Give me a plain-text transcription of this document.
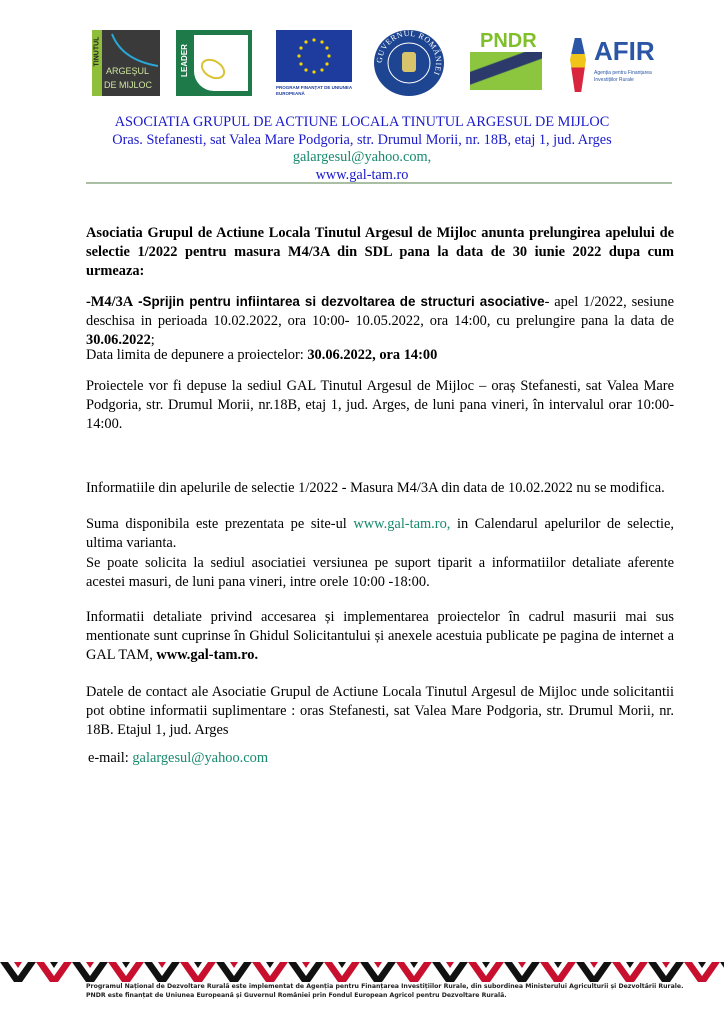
TINUTUL
ARGEŞUL
DE MIJLOC
LEADER
PROGRAM FINANȚAT DE UNIUNEA EUROPEANĂ
GUVERNUL ROMÂNIEI
PNDR AFIR
Agenția pentru Finanțarea Investițiilor Rurale
ASOCIATIA GRUPUL DE ACTIUNE LOCALA TINUTUL ARGESUL DE MIJLOC
Oras. Stefanesti, sat Valea Mare Podgoria, str. Drumul Morii, nr. 18B, etaj 1, jud. Arges
galargesul@yahoo.com,
www.gal-tam.ro
Asociatia Grupul de Actiune Locala Tinutul Argesul de Mijloc anunta prelungirea apelului de selectie 1/2022 pentru masura M4/3A din SDL pana la data de 30 iunie 2022 dupa cum urmeaza:
-M4/3A -Sprijin pentru infiintarea si dezvoltarea de structuri asociative- apel 1/2022, sesiune deschisa in perioada 10.02.2022, ora 10:00- 10.05.2022, ora 14:00, cu prelungire pana la data de 30.06.2022;
Data limita de depunere a proiectelor: 30.06.2022, ora 14:00
Proiectele vor fi depuse la sediul GAL Tinutul Argesul de Mijloc – oraș Stefanesti, sat Valea Mare Podgoria, str. Drumul Morii, nr.18B, etaj 1, jud. Arges, de luni pana vineri, în intervalul orar 10:00-14:00.
Informatiile din apelurile de selectie 1/2022 - Masura M4/3A din data de 10.02.2022 nu se modifica.
Suma disponibila este prezentata pe site-ul www.gal-tam.ro, in Calendarul apelurilor de selectie, ultima varianta.
Se poate solicita la sediul asociatiei versiunea pe suport tiparit a informatiilor detaliate aferente acestei masuri, de luni pana vineri, intre orele 10:00 -18:00.
Informatii detaliate privind accesarea și implementarea proiectelor în cadrul masurii mai sus mentionate sunt cuprinse în Ghidul Solicitantului și anexele acestuia publicate pe pagina de internet a GAL TAM, www.gal-tam.ro.
Datele de contact ale Asociatie Grupul de Actiune Locala Tinutul Argesul de Mijloc unde solicitantii pot obtine informatii suplimentare : oras Stefanesti, sat Valea Mare Podgoria, str. Drumul Morii, nr. 18B. Etajul 1, jud. Arges
e-mail: galargesul@yahoo.com
Programul Național de Dezvoltare Rurală este implementat de Agenția pentru Finanțarea Investițiilor Rurale, din subordinea Ministerului Agriculturii și Dezvoltării Rurale.
PNDR este finanțat de Uniunea Europeană și Guvernul României prin Fondul European Agricol pentru Dezvoltare Rurală.
